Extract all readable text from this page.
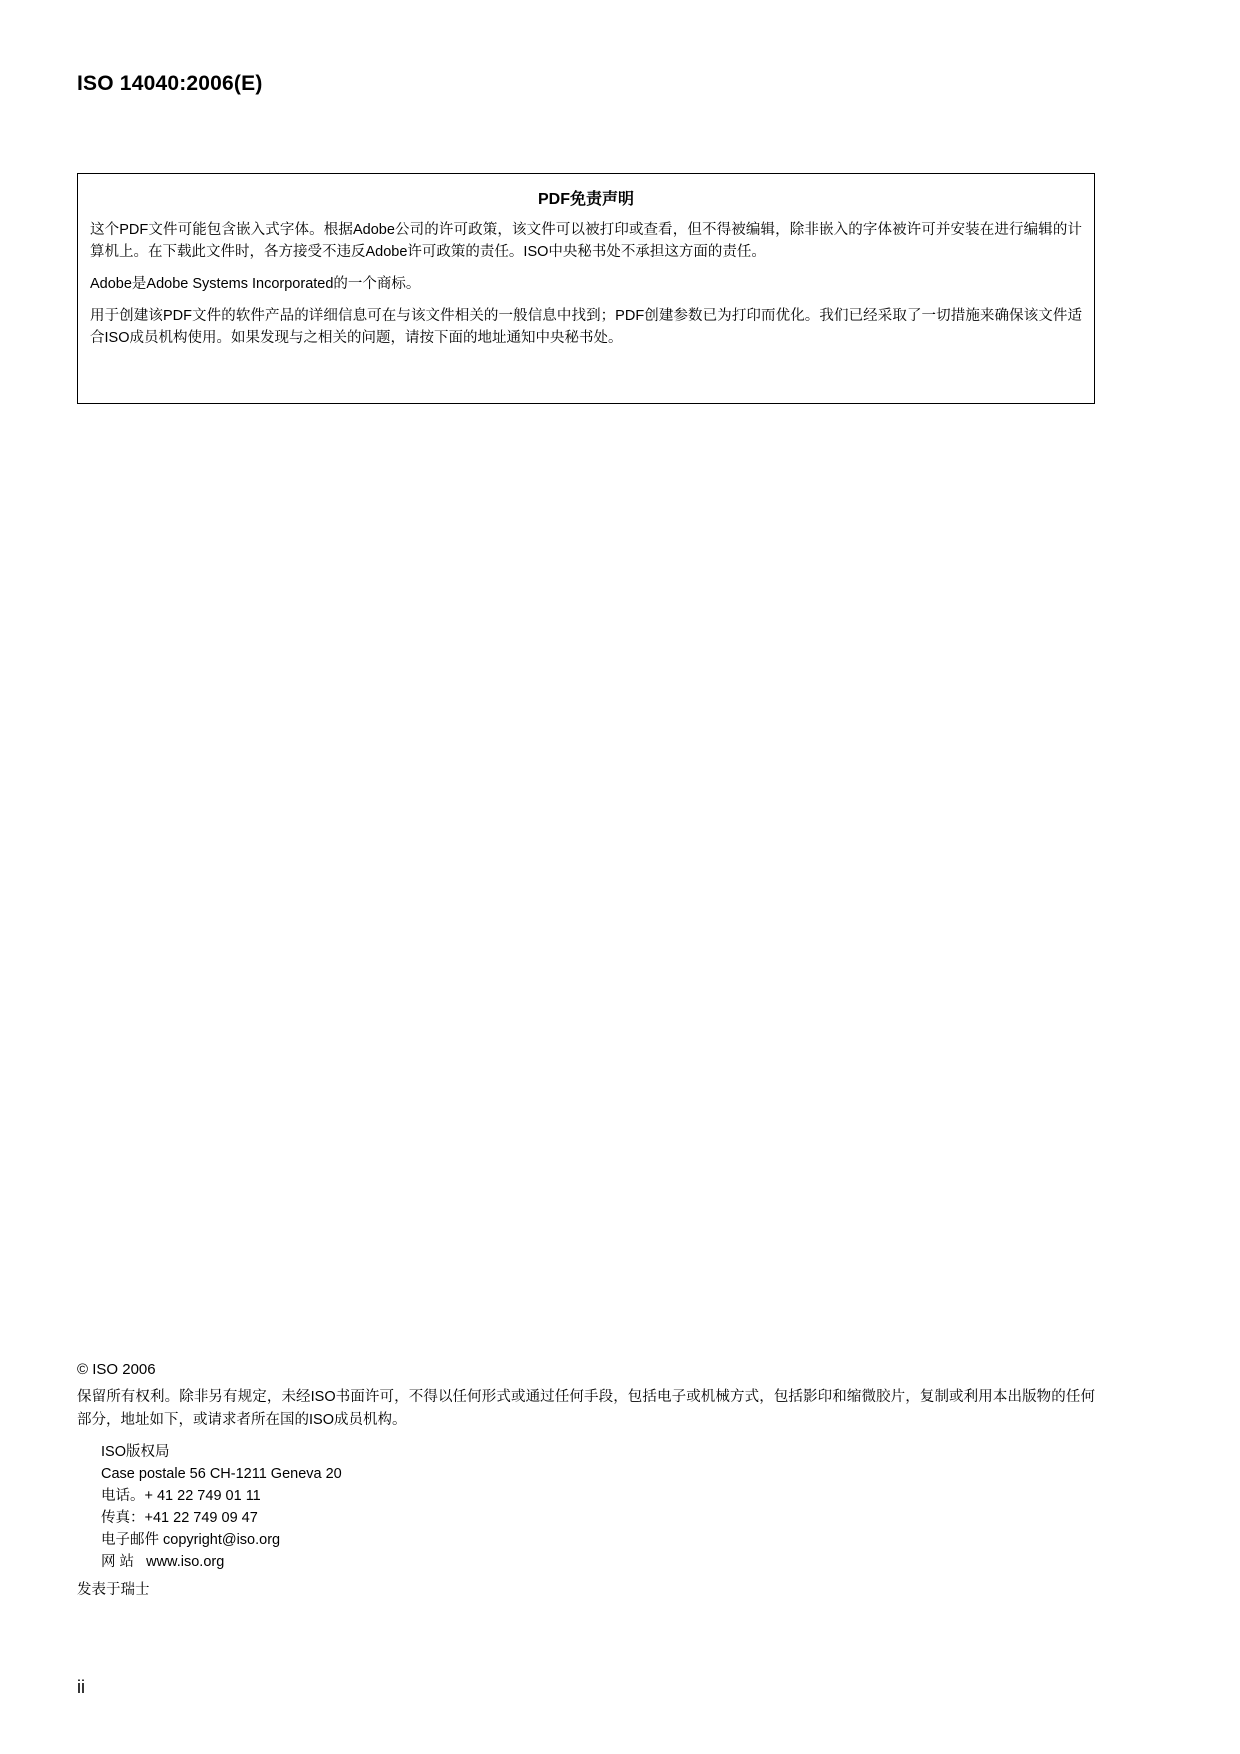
ISO 14040:2006(E)
PDF免责声明

这个PDF文件可能包含嵌入式字体。根据Adobe公司的许可政策，该文件可以被打印或查看，但不得被编辑，除非嵌入的字体被许可并安装在进行编辑的计算机上。在下载此文件时，各方接受不违反Adobe许可政策的责任。ISO中央秘书处不承担这方面的责任。

Adobe是Adobe Systems Incorporated的一个商标。

用于创建该PDF文件的软件产品的详细信息可在与该文件相关的一般信息中找到；PDF创建参数已为打印而优化。我们已经采取了一切措施来确保该文件适合ISO成员机构使用。如果发现与之相关的问题，请按下面的地址通知中央秘书处。

© ISO 2006

保留所有权利。除非另有规定，未经ISO书面许可，不得以任何形式或通过任何手段，包括电子或机械方式，包括影印和缩微胶片，复制或利用本出版物的任何部分，地址如下，或请求者所在国的ISO成员机构。

ISO版权局
Case postale 56 CH-1211 Geneva 20
电话。+ 41 22 749 01 11
传真：+41 22 749 09 47
电子邮件 copyright@iso.org
网 站   www.iso.org

发表于瑞士

ii
